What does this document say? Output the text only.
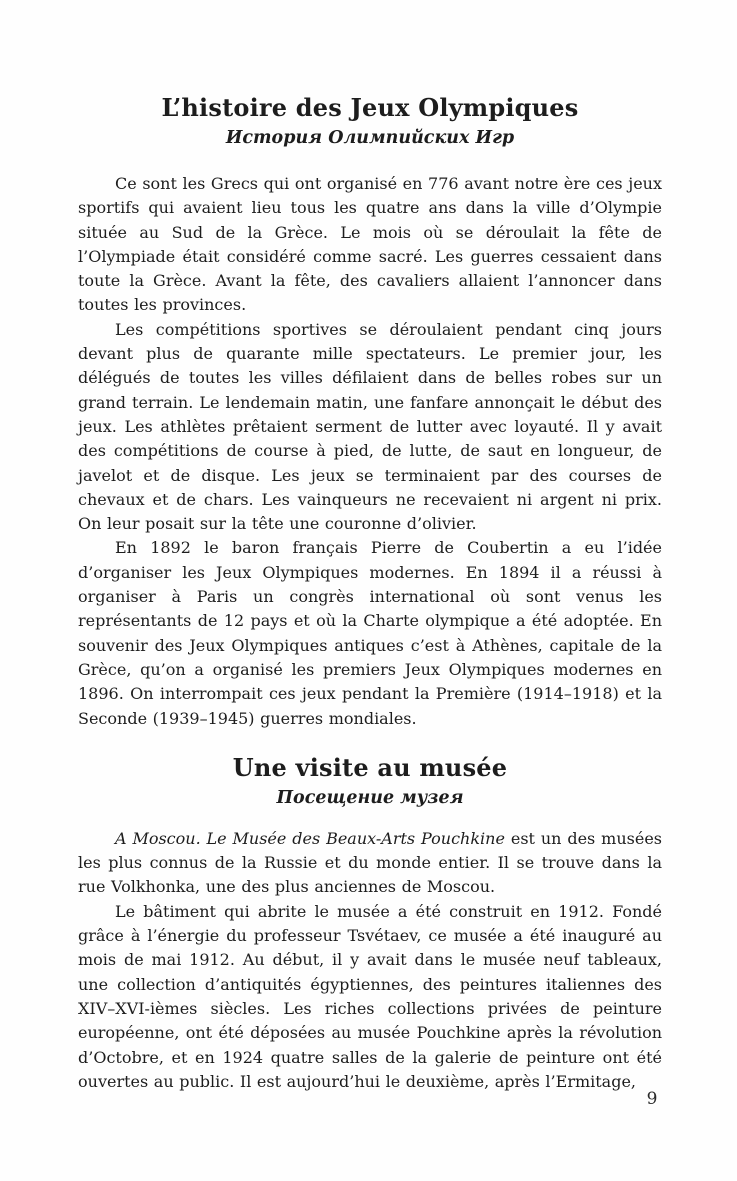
L’histoire des Jeux Olympiques
История Олимпийских Игр

Ce sont les Grecs qui ont organisé en 776 avant notre ère ces jeux sportifs qui avaient lieu tous les quatre ans dans la ville d’Olympie située au Sud de la Grèce. Le mois où se déroulait la fête de l’Olympiade était considéré comme sacré. Les guerres cessaient dans toute la Grèce. Avant la fête, des cavaliers allaient l’annoncer dans toutes les provinces.

Les compétitions sportives se déroulaient pendant cinq jours devant plus de quarante mille spectateurs. Le premier jour, les délégués de toutes les villes défilaient dans de belles robes sur un grand terrain. Le lendemain matin, une fanfare annonçait le début des jeux. Les athlètes prêtaient serment de lutter avec loyauté. Il y avait des compétitions de course à pied, de lutte, de saut en longueur, de javelot et de disque. Les jeux se terminaient par des courses de chevaux et de chars. Les vainqueurs ne recevaient ni argent ni prix. On leur posait sur la tête une couronne d’olivier.

En 1892 le baron français Pierre de Coubertin a eu l’idée d’organiser les Jeux Olympiques modernes. En 1894 il a réussi à organiser à Paris un congrès international où sont venus les représentants de 12 pays et où la Charte olympique a été adoptée. En souvenir des Jeux Olympiques antiques c’est à Athènes, capitale de la Grèce, qu’on a organisé les premiers Jeux Olympiques modernes en 1896. On interrompait ces jeux pendant la Première (1914–1918) et la Seconde (1939–1945) guerres mondiales.

Une visite au musée
Посещение музея

A Moscou. Le Musée des Beaux-Arts Pouchkine est un des musées les plus connus de la Russie et du monde entier. Il se trouve dans la rue Volkhonka, une des plus anciennes de Moscou.

Le bâtiment qui abrite le musée a été construit en 1912. Fondé grâce à l’énergie du professeur Tsvétaev, ce musée a été inauguré au mois de mai 1912. Au début, il y avait dans le musée neuf tableaux, une collection d’antiquités égyptiennes, des peintures italiennes des XIV–XVI-ièmes siècles. Les riches collections privées de peinture européenne, ont été déposées au musée Pouchkine après la révolution d’Octobre, et en 1924 quatre salles de la galerie de peinture ont été ouvertes au public. Il est aujourd’hui le deuxième, après l’Ermitage,

9
